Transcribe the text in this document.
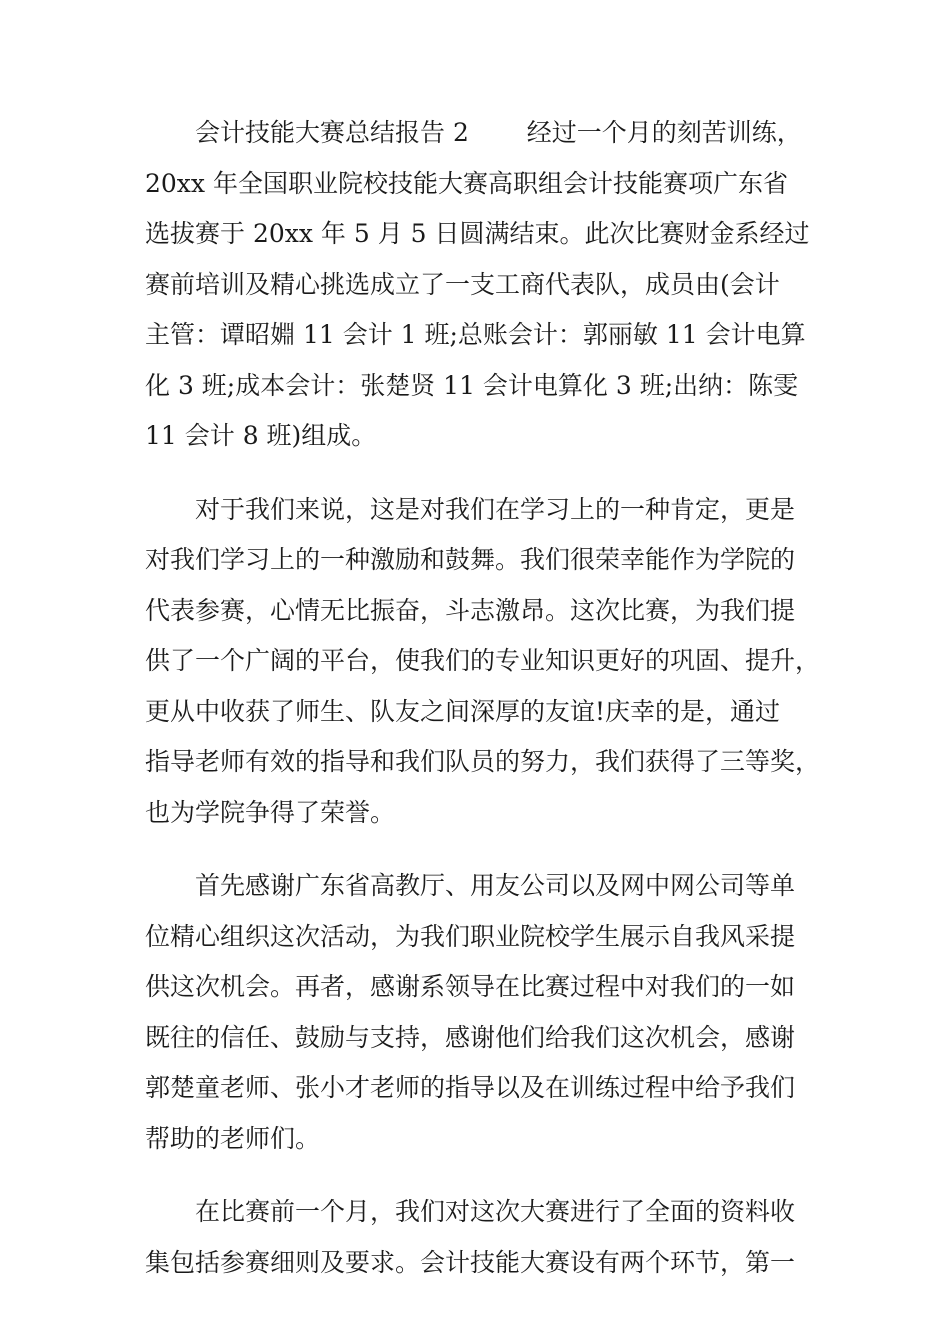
　　会计技能大赛总结报告 2　　 经过一个月的刻苦训练，
20xx 年全国职业院校技能大赛高职组会计技能赛项广东省
选拔赛于 20xx 年 5 月 5 日圆满结束。此次比赛财金系经过
赛前培训及精心挑选成立了一支工商代表队，成员由(会计
主管：谭昭婣 11 会计 1 班;总账会计：郭丽敏 11 会计电算
化 3 班;成本会计：张楚贤 11 会计电算化 3 班;出纳：陈雯
11 会计 8 班)组成。
　　对于我们来说，这是对我们在学习上的一种肯定，更是
对我们学习上的一种激励和鼓舞。我们很荣幸能作为学院的
代表参赛，心情无比振奋，斗志激昂。这次比赛，为我们提
供了一个广阔的平台，使我们的专业知识更好的巩固、提升，
更从中收获了师生、队友之间深厚的友谊!庆幸的是，通过
指导老师有效的指导和我们队员的努力，我们获得了三等奖，
也为学院争得了荣誉。
　　首先感谢广东省高教厅、用友公司以及网中网公司等单
位精心组织这次活动，为我们职业院校学生展示自我风采提
供这次机会。再者，感谢系领导在比赛过程中对我们的一如
既往的信任、鼓励与支持，感谢他们给我们这次机会，感谢
郭楚童老师、张小才老师的指导以及在训练过程中给予我们
帮助的老师们。
　　在比赛前一个月，我们对这次大赛进行了全面的资料收
集包括参赛细则及要求。会计技能大赛设有两个环节，第一
